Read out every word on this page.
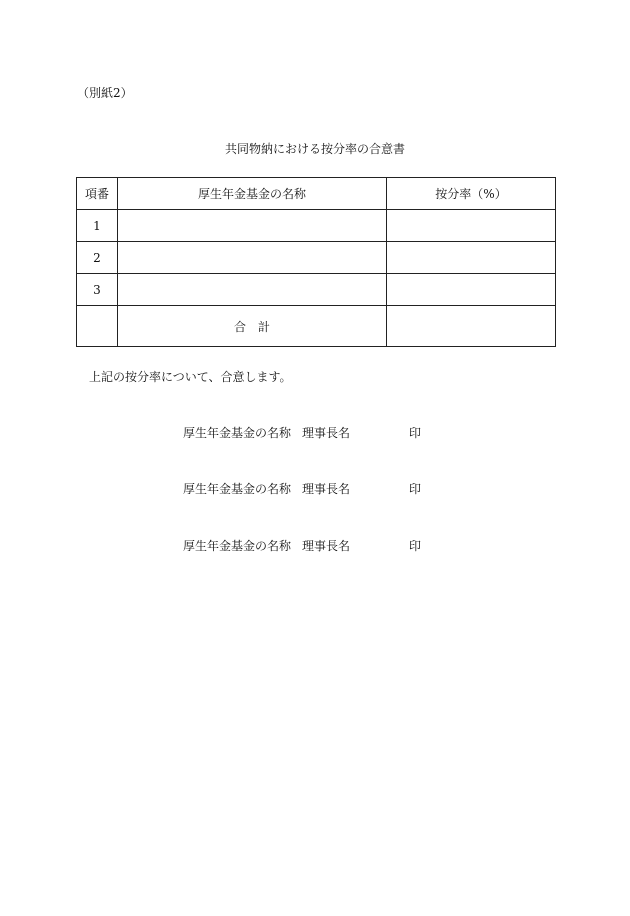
（別紙2）
共同物納における按分率の合意書
項番	厚生年金基金の名称	按分率（%）
1		
2		
3		
	合　計	
上記の按分率について、合意します。
厚生年金基金の名称 理事長名	印
厚生年金基金の名称 理事長名	印
厚生年金基金の名称 理事長名	印
